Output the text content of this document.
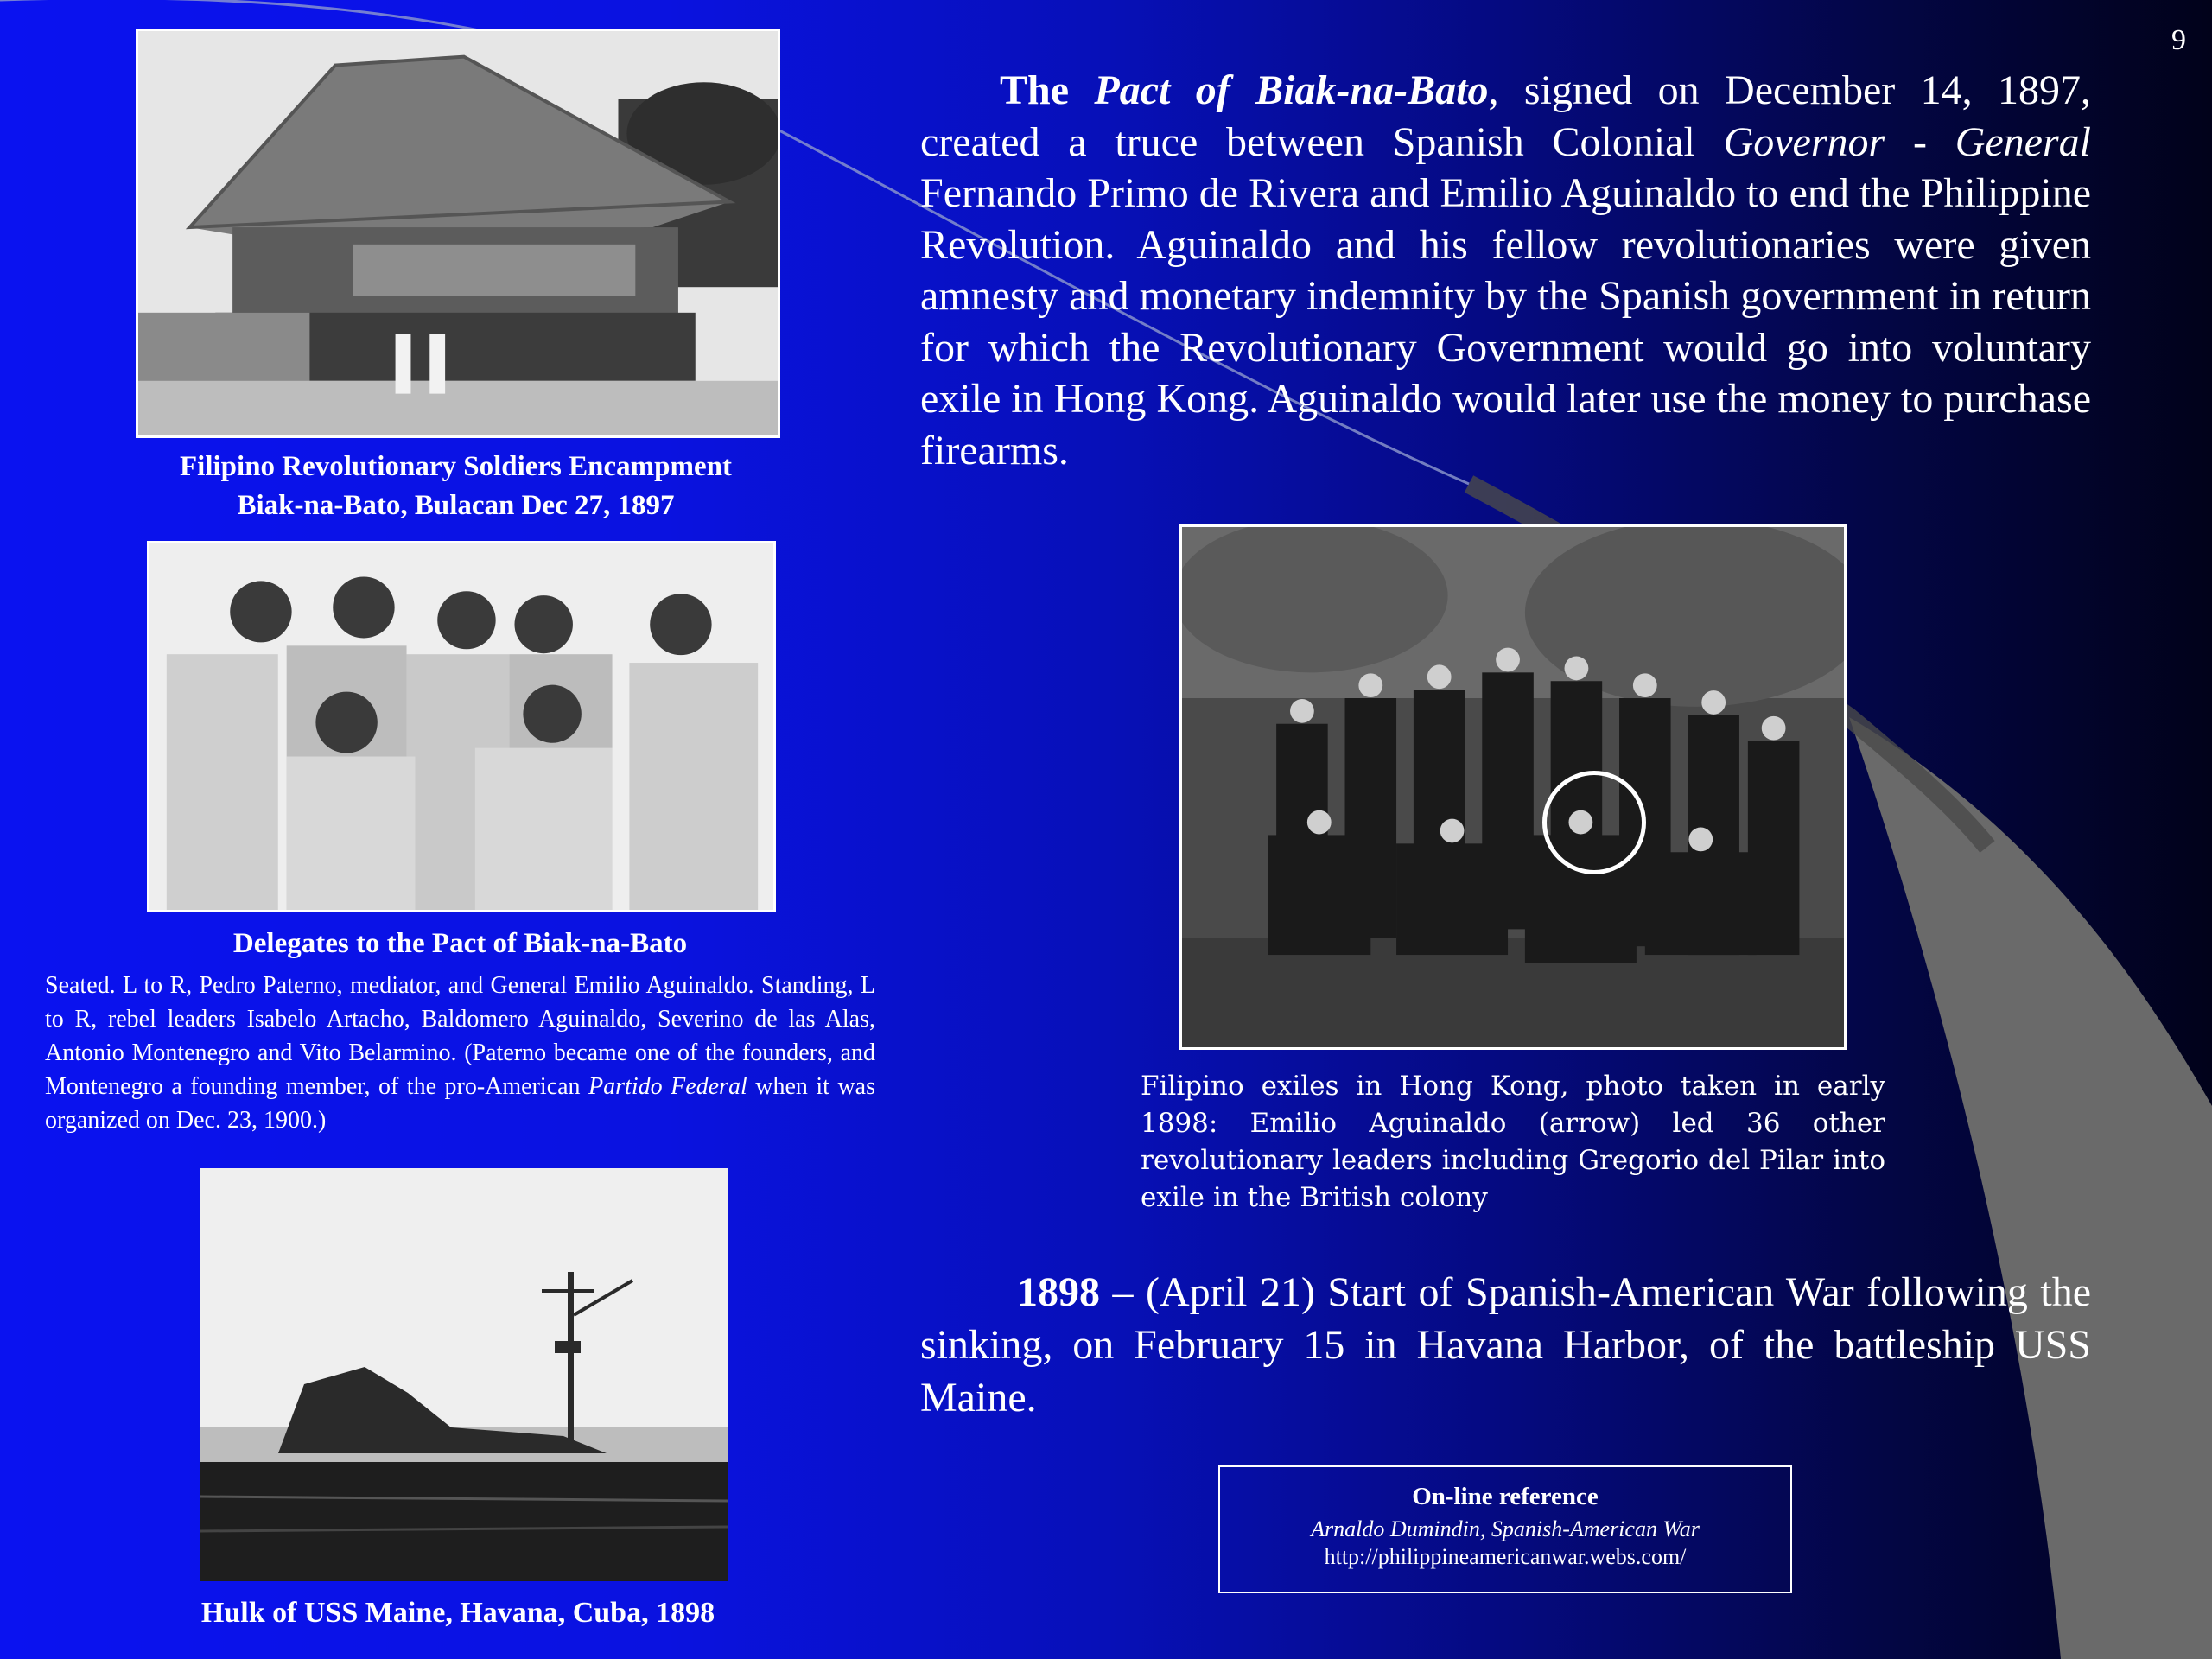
9
Filipino Revolutionary Soldiers Encampment
Biak-na-Bato, Bulacan Dec 27, 1897
Delegates to the Pact of Biak-na-Bato
Seated. L to R, Pedro Paterno, mediator, and General Emilio Aguinaldo. Standing, L to R, rebel leaders Isabelo Artacho, Baldomero Aguinaldo, Severino de las Alas, Antonio Montenegro and Vito Belarmino. (Paterno became one of the founders, and Montenegro a founding member, of the pro-American Partido Federal when it was organized on Dec. 23, 1900.)
Hulk of USS Maine, Havana, Cuba, 1898
The Pact of Biak-na-Bato, signed on December 14, 1897, created a truce between Spanish Colonial Governor - General Fernando Primo de Rivera and Emilio Aguinaldo to end the Philippine Revolution. Aguinaldo and his fellow revolutionaries were given amnesty and monetary indemnity by the Spanish government in return for which the Revolutionary Government would go into voluntary exile in Hong Kong. Aguinaldo would later use the money to purchase firearms.
Filipino exiles in Hong Kong, photo taken in early 1898: Emilio Aguinaldo (arrow) led 36 other revolutionary leaders including Gregorio del Pilar into exile in the British colony
1898 – (April 21) Start of Spanish-American War following the sinking, on February 15 in Havana Harbor, of the battleship USS Maine.
On-line reference
Arnaldo Dumindin, Spanish-American War
http://philippineamericanwar.webs.com/
